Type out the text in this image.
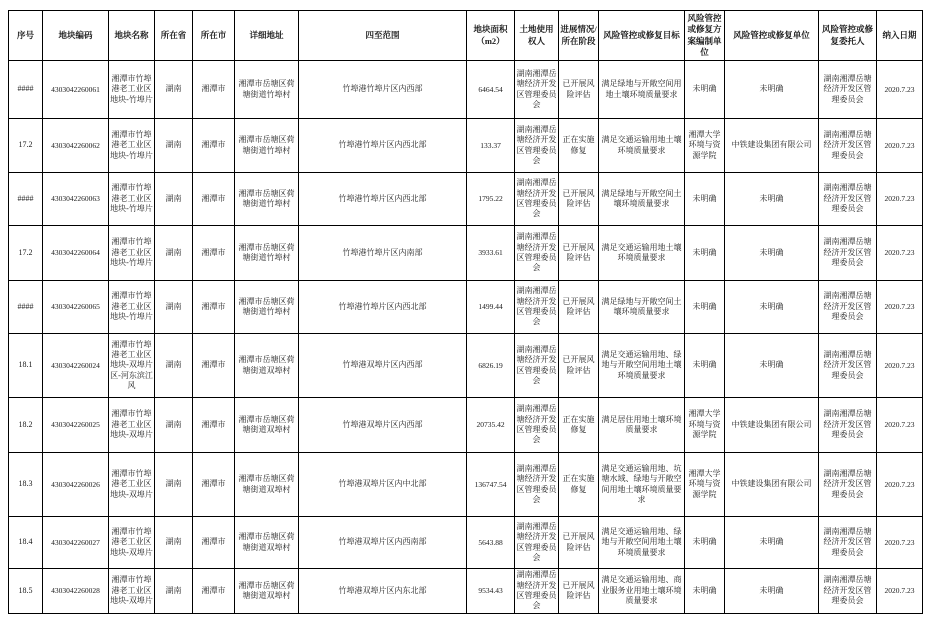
序号	地块编码	地块名称	所在省	所在市	详细地址	四至范围	地块面积（m2）	土地使用权人	进展情况/所在阶段	风险管控或修复目标	风险管控或修复方案编制单位	风险管控或修复单位	风险管控或修复委托人	纳入日期
####	4303042260061	湘潭市竹埠港老工业区地块-竹埠片	湖南	湘潭市	湘潭市岳塘区荷塘街道竹埠村	竹埠港竹埠片区内西部	6464.54	湖南湘潭岳塘经济开发区管理委员会	已开展风险评估	满足绿地与开敞空间用地土壤环境质量要求	未明确	未明确	湖南湘潭岳塘经济开发区管理委员会	2020.7.23
17.2	4303042260062	湘潭市竹埠港老工业区地块-竹埠片	湖南	湘潭市	湘潭市岳塘区荷塘街道竹埠村	竹埠港竹埠片区内西北部	133.37	湖南湘潭岳塘经济开发区管理委员会	正在实施修复	满足交通运输用地土壤环境质量要求	湘潭大学环境与资源学院	中铁建设集团有限公司	湖南湘潭岳塘经济开发区管理委员会	2020.7.23
####	4303042260063	湘潭市竹埠港老工业区地块-竹埠片	湖南	湘潭市	湘潭市岳塘区荷塘街道竹埠村	竹埠港竹埠片区内西北部	1795.22	湖南湘潭岳塘经济开发区管理委员会	已开展风险评估	满足绿地与开敞空间土壤环境质量要求	未明确	未明确	湖南湘潭岳塘经济开发区管理委员会	2020.7.23
17.2	4303042260064	湘潭市竹埠港老工业区地块-竹埠片	湖南	湘潭市	湘潭市岳塘区荷塘街道竹埠村	竹埠港竹埠片区内南部	3933.61	湖南湘潭岳塘经济开发区管理委员会	已开展风险评估	满足交通运输用地土壤环境质量要求	未明确	未明确	湖南湘潭岳塘经济开发区管理委员会	2020.7.23
####	4303042260065	湘潭市竹埠港老工业区地块-竹埠片	湖南	湘潭市	湘潭市岳塘区荷塘街道竹埠村	竹埠港竹埠片区内西北部	1499.44	湖南湘潭岳塘经济开发区管理委员会	已开展风险评估	满足绿地与开敞空间土壤环境质量要求	未明确	未明确	湖南湘潭岳塘经济开发区管理委员会	2020.7.23
18.1	4303042260024	湘潭市竹埠港老工业区地块-双埠片区-河东滨江风	湖南	湘潭市	湘潭市岳塘区荷塘街道双埠村	竹埠港双埠片区内西部	6826.19	湖南湘潭岳塘经济开发区管理委员会	已开展风险评估	满足交通运输用地、绿地与开敞空间用地土壤环境质量要求	未明确	未明确	湖南湘潭岳塘经济开发区管理委员会	2020.7.23
18.2	4303042260025	湘潭市竹埠港老工业区地块-双埠片	湖南	湘潭市	湘潭市岳塘区荷塘街道双埠村	竹埠港双埠片区内西部	20735.42	湖南湘潭岳塘经济开发区管理委员会	正在实施修复	满足居住用地土壤环境质量要求	湘潭大学环境与资源学院	中铁建设集团有限公司	湖南湘潭岳塘经济开发区管理委员会	2020.7.23
18.3	4303042260026	湘潭市竹埠港老工业区地块-双埠片	湖南	湘潭市	湘潭市岳塘区荷塘街道双埠村	竹埠港双埠片区内中北部	136747.54	湖南湘潭岳塘经济开发区管理委员会	正在实施修复	满足交通运输用地、坑塘水域、绿地与开敞空间用地土壤环境质量要求	湘潭大学环境与资源学院	中铁建设集团有限公司	湖南湘潭岳塘经济开发区管理委员会	2020.7.23
18.4	4303042260027	湘潭市竹埠港老工业区地块-双埠片	湖南	湘潭市	湘潭市岳塘区荷塘街道双埠村	竹埠港双埠片区内西南部	5643.88	湖南湘潭岳塘经济开发区管理委员会	已开展风险评估	满足交通运输用地、绿地与开敞空间用地土壤环境质量要求	未明确	未明确	湖南湘潭岳塘经济开发区管理委员会	2020.7.23
18.5	4303042260028	湘潭市竹埠港老工业区地块-双埠片	湖南	湘潭市	湘潭市岳塘区荷塘街道双埠村	竹埠港双埠片区内东北部	9534.43	湖南湘潭岳塘经济开发区管理委员会	已开展风险评估	满足交通运输用地、商业服务业用地土壤环境质量要求	未明确	未明确	湖南湘潭岳塘经济开发区管理委员会	2020.7.23
